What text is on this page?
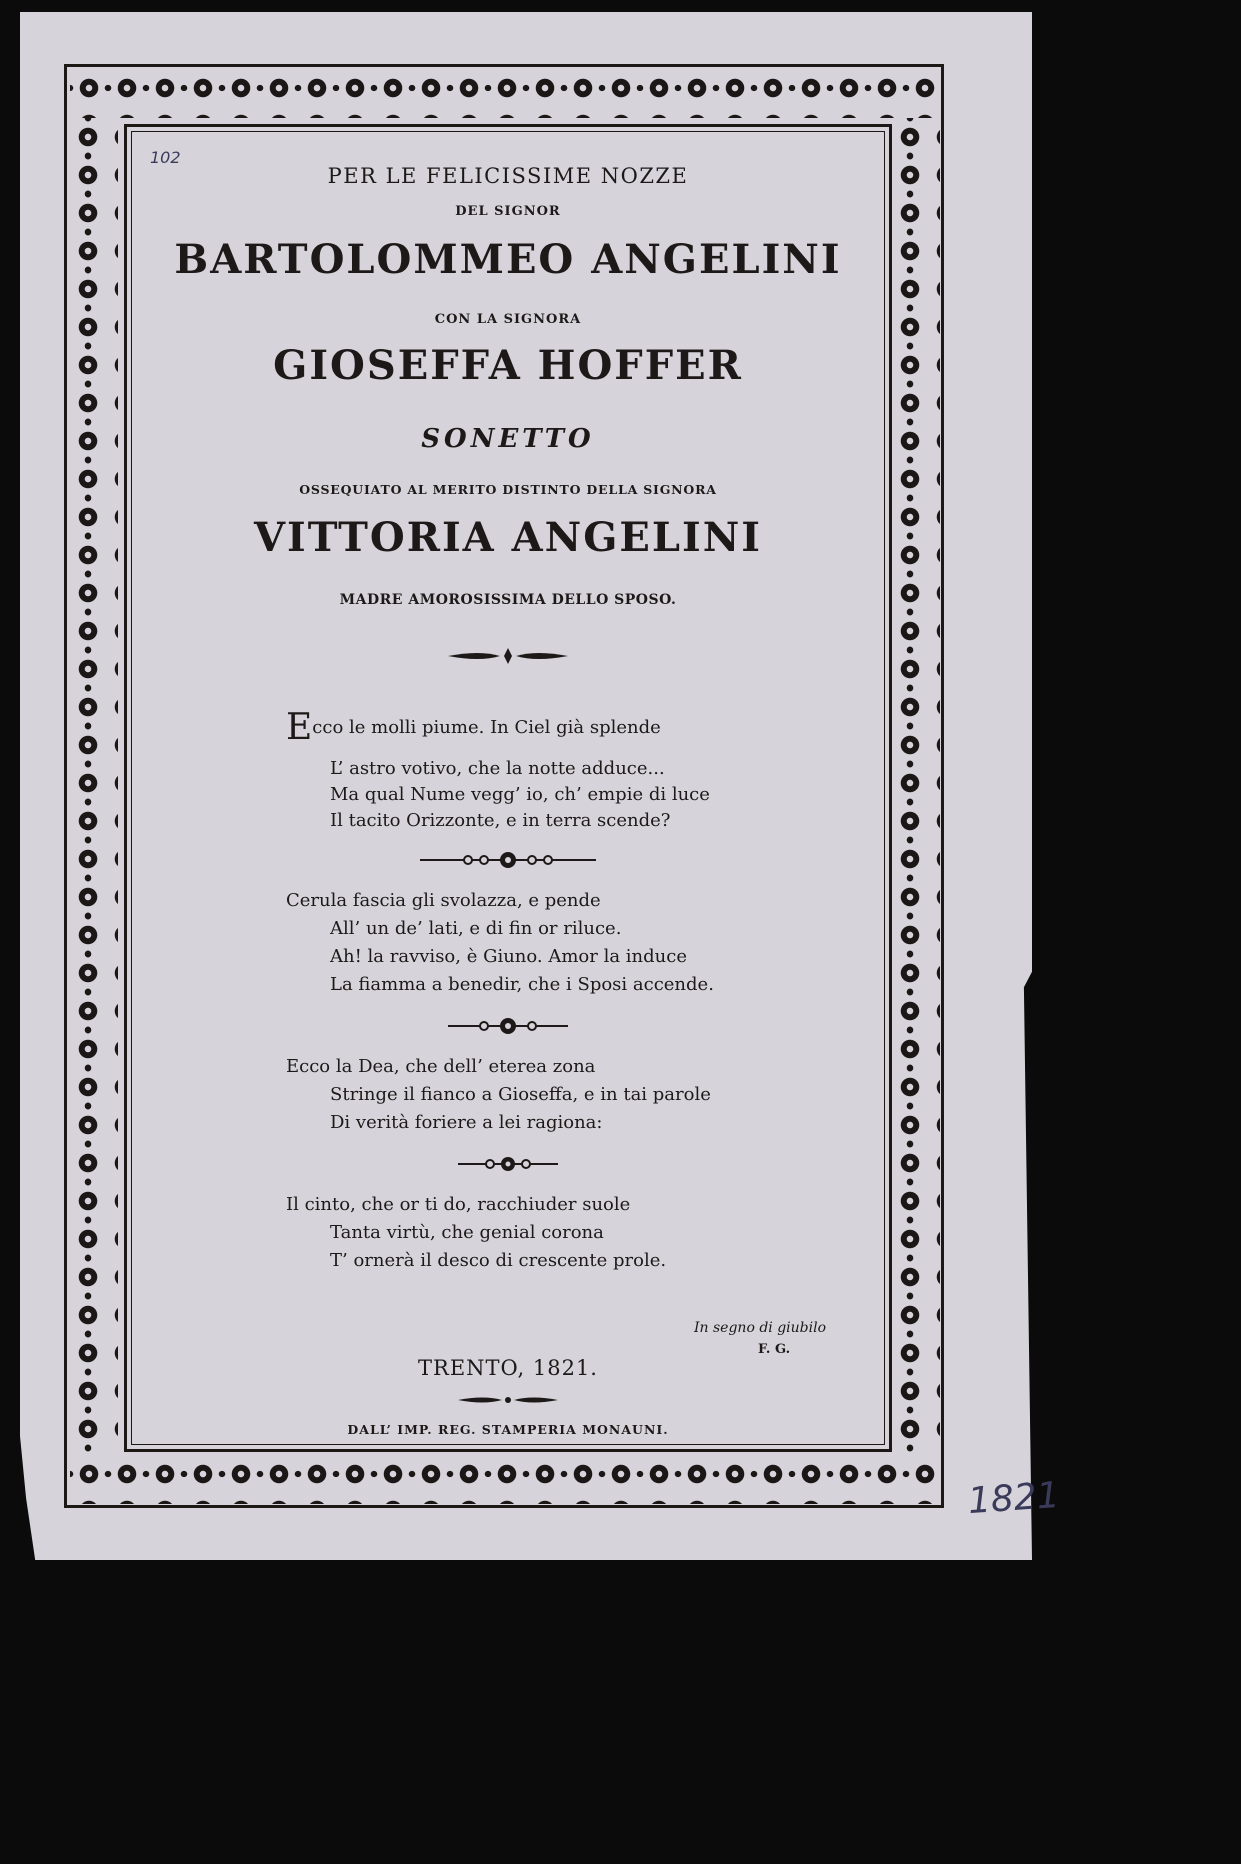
102
1821
PER LE FELICISSIME NOZZE
DEL SIGNOR
BARTOLOMMEO ANGELINI
CON LA SIGNORA
GIOSEFFA HOFFER
SONETTO
OSSEQUIATO AL MERITO DISTINTO DELLA SIGNORA
VITTORIA ANGELINI
MADRE AMOROSISSIMA DELLO SPOSO.
Ecco le molli piume. In Ciel già splende
L’ astro votivo, che la notte adduce...
Ma qual Nume vegg’ io, ch’ empie di luce
Il tacito Orizzonte, e in terra scende?
Cerula fascia gli svolazza, e pende
All’ un de’ lati, e di fin or riluce.
Ah! la ravviso, è Giuno. Amor la induce
La fiamma a benedir, che i Sposi accende.
Ecco la Dea, che dell’ eterea zona
Stringe il fianco a Gioseffa, e in tai parole
Di verità foriere a lei ragiona:
Il cinto, che or ti do, racchiuder suole
Tanta virtù, che genial corona
T’ ornerà il desco di crescente prole.
In segno di giubilo
F. G.
TRENTO, 1821.
DALL’ IMP. REG. STAMPERIA MONAUNI.
